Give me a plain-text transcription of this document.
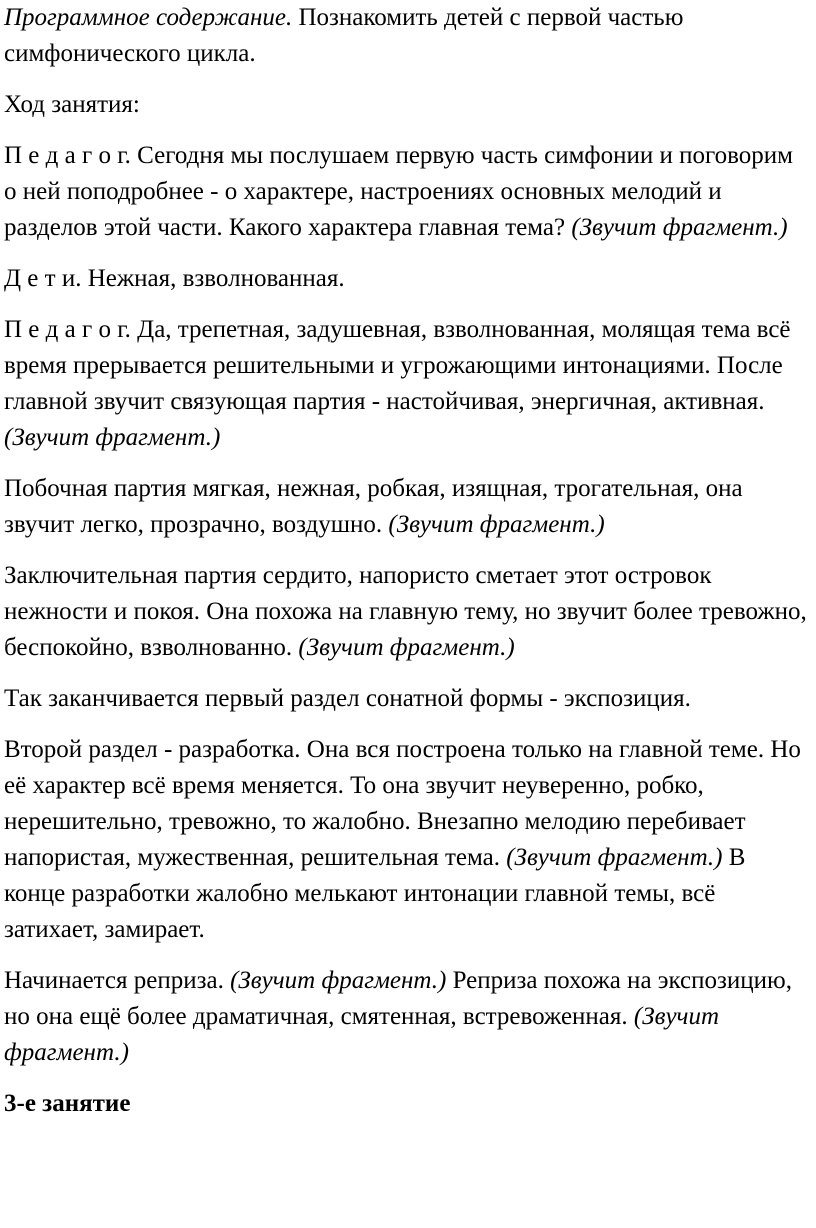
Программное содержание. Познакомить детей с первой частью симфонического цикла.

Ход занятия:

П е д а г о г. Сегодня мы послушаем первую часть симфонии и поговорим о ней поподробнее - о характере, настроениях основных мелодий и разделов этой части. Какого характера главная тема? (Звучит фрагмент.)

Д е т и. Нежная, взволнованная.

П е д а г о г. Да, трепетная, задушевная, взволнованная, молящая тема всё время прерывается решительными и угрожающими интонациями. После главной звучит связующая партия - настойчивая, энергичная, активная. (Звучит фрагмент.)

Побочная партия мягкая, нежная, робкая, изящная, трогательная, она звучит легко, прозрачно, воздушно. (Звучит фрагмент.)

Заключительная партия сердито, напористо сметает этот островок нежности и покоя. Она похожа на главную тему, но звучит более тревожно, беспокойно, взволнованно. (Звучит фрагмент.)

Так заканчивается первый раздел сонатной формы - экспозиция.

Второй раздел - разработка. Она вся построена только на главной теме. Но её характер всё время меняется. То она звучит неуверенно, робко, нерешительно, тревожно, то жалобно. Внезапно мелодию перебивает напористая, мужественная, решительная тема. (Звучит фрагмент.) В конце разработки жалобно мелькают интонации главной темы, всё затихает, замирает.

Начинается реприза. (Звучит фрагмент.) Реприза похожа на экспозицию, но она ещё более драматичная, смятенная, встревоженная. (Звучит фрагмент.)

3-е занятие
